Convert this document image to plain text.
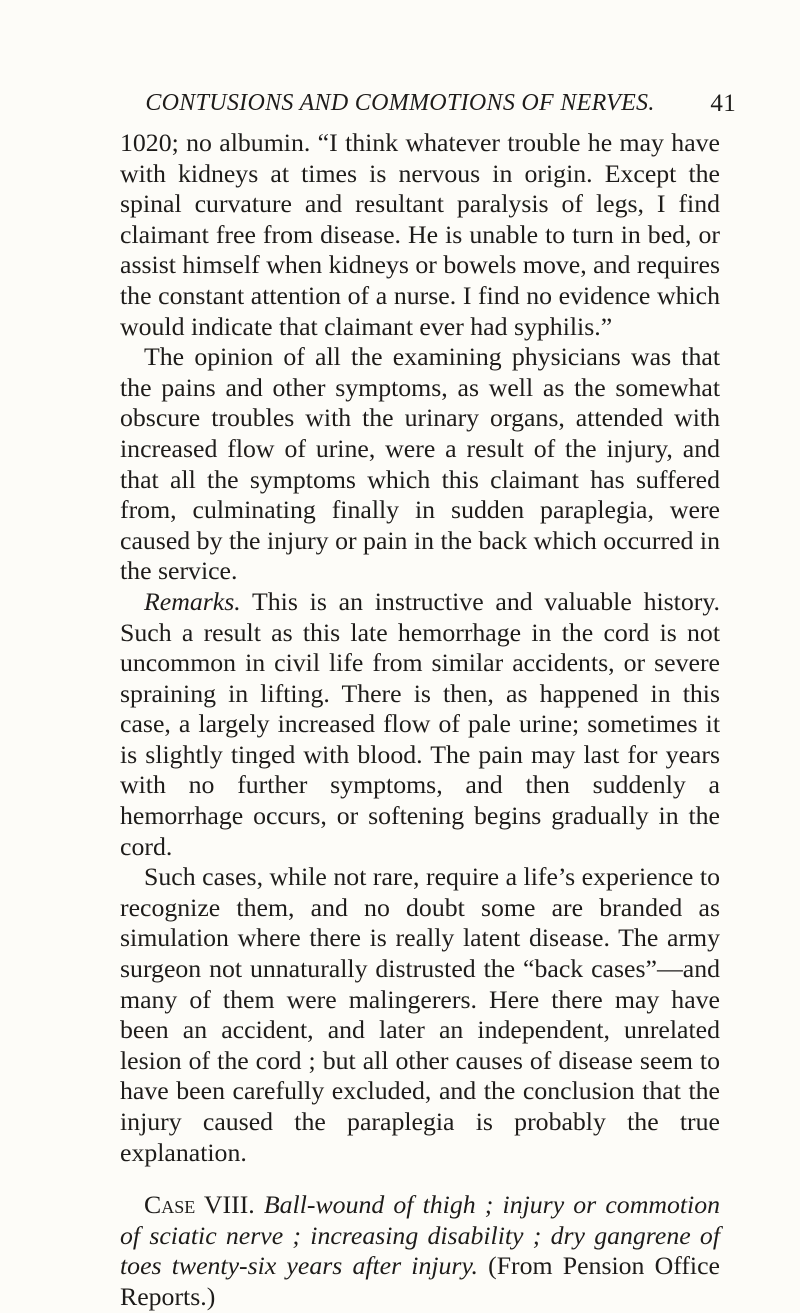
CONTUSIONS AND COMMOTIONS OF NERVES.	41

1020; no albumin. “I think whatever trouble he may have with kidneys at times is nervous in origin. Except the spinal curvature and resultant paralysis of legs, I find claimant free from disease. He is unable to turn in bed, or assist himself when kidneys or bowels move, and requires the constant attention of a nurse. I find no evidence which would indicate that claimant ever had syphilis.”

The opinion of all the examining physicians was that the pains and other symptoms, as well as the somewhat obscure troubles with the urinary organs, attended with increased flow of urine, were a result of the injury, and that all the symptoms which this claimant has suffered from, culminating finally in sudden paraplegia, were caused by the injury or pain in the back which occurred in the service.

Remarks. This is an instructive and valuable history. Such a result as this late hemorrhage in the cord is not uncommon in civil life from similar accidents, or severe spraining in lifting. There is then, as happened in this case, a largely increased flow of pale urine; sometimes it is slightly tinged with blood. The pain may last for years with no further symptoms, and then suddenly a hemorrhage occurs, or softening begins gradually in the cord.

Such cases, while not rare, require a life’s experience to recognize them, and no doubt some are branded as simulation where there is really latent disease. The army surgeon not unnaturally distrusted the “back cases”—and many of them were malingerers. Here there may have been an accident, and later an independent, unrelated lesion of the cord ; but all other causes of disease seem to have been carefully excluded, and the conclusion that the injury caused the paraplegia is probably the true explanation.

Case VIII. Ball-wound of thigh ; injury or commotion of sciatic nerve ; increasing disability ; dry gangrene of toes twenty-six years after injury. (From Pension Office Reports.)
